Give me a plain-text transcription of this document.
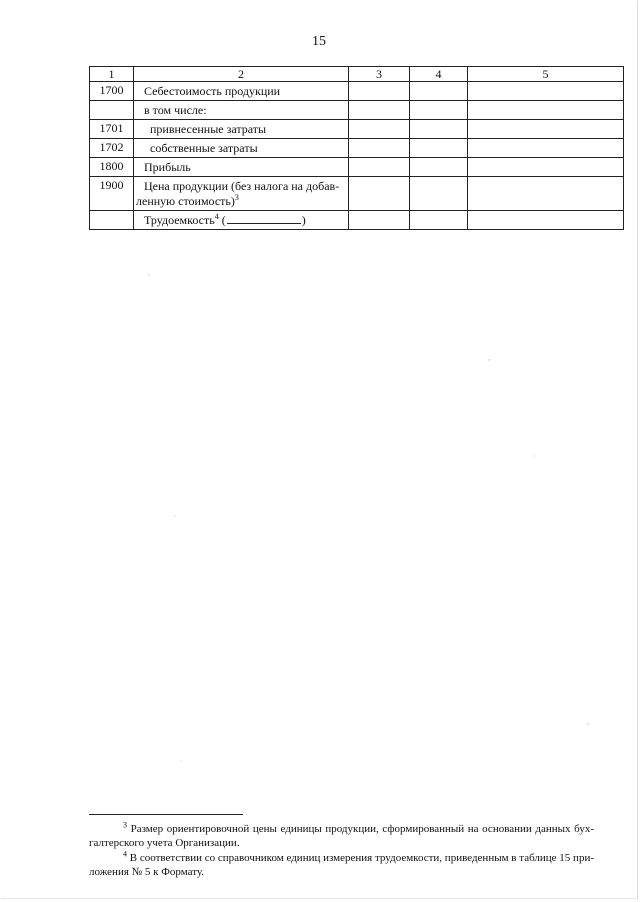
15
1	2	3	4	5
1700	Себестоимость продукции			
	в том числе:			
1701	привнесенные затраты			
1702	собственные затраты			
1800	Прибыль			
1900	Цена продукции (без налога на добав-
ленную стоимость)$^3$			
	Трудоемкость$^4$ ( )			

$^3$ Размер ориентировочной цены единицы продукции, сформированный на основании данных бух-галтерского учета Организации.

$^4$ В соответствии со справочником единиц измерения трудоемкости, приведенным в таблице 15 при-ложения № 5 к Формату.
